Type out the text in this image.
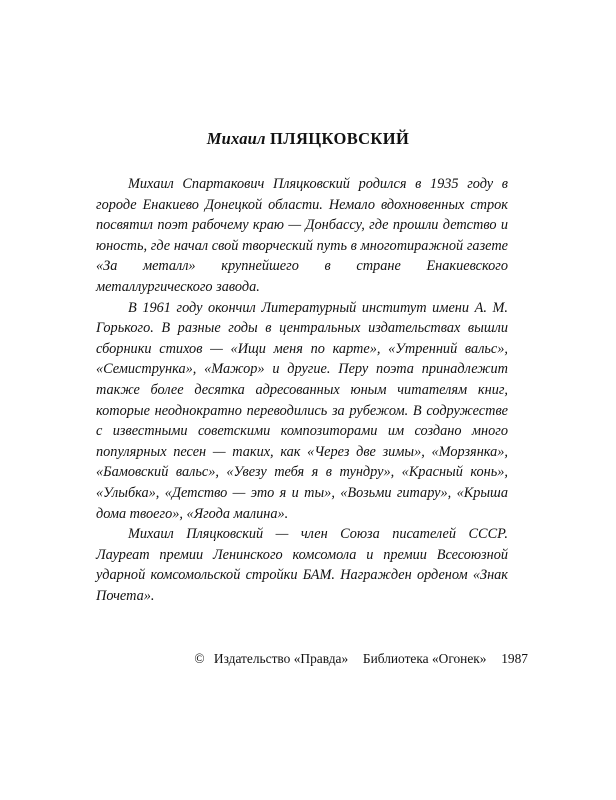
Михаил ПЛЯЦКОВСКИЙ

Михаил Спартакович Пляцковский родился в 1935 году в городе Енакиево Донецкой области. Немало вдохновенных строк посвятил поэт рабочему краю — Донбассу, где прошли детство и юность, где начал свой творческий путь в многотиражной газете «За металл» крупнейшего в стране Енакиевского металлургического завода.

В 1961 году окончил Литературный институт имени А. М. Горького. В разные годы в центральных издательствах вышли сборники стихов — «Ищи меня по карте», «Утренний вальс», «Семиструнка», «Мажор» и другие. Перу поэта принадлежит также более десятка адресованных юным читателям книг, которые неоднократно переводились за рубежом. В содружестве с известными советскими композиторами им создано много популярных песен — таких, как «Через две зимы», «Морзянка», «Бамовский вальс», «Увезу тебя я в тундру», «Красный конь», «Улыбка», «Детство — это я и ты», «Возьми гитару», «Крыша дома твоего», «Ягода малина».

Михаил Пляцковский — член Союза писателей СССР. Лауреат премии Ленинского комсомола и премии Всесоюзной ударной комсомольской стройки БАМ. Награжден орденом «Знак Почета».

© Издательство «Правда» Библиотека «Огонек» 1987
